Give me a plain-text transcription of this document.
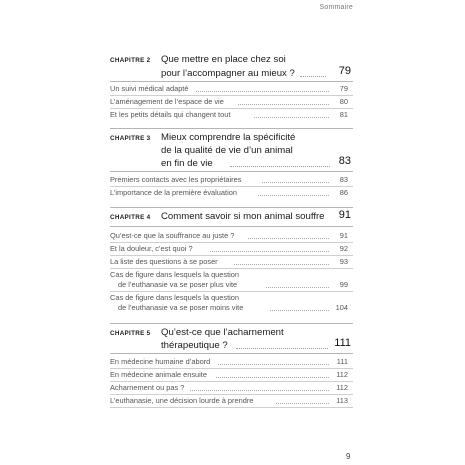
Sommaire
CHAPITRE 2	Que mettre en place chez soi
pour l’accompagner au mieux ?	79
Un suivi médical adapté	79
L’aménagement de l’espace de vie	80
Et les petits détails qui changent tout	81
CHAPITRE 3	Mieux comprendre la spécificité
de la qualité de vie d’un animal
en fin de vie	83
Premiers contacts avec les propriétaires	83
L’importance de la première évaluation	86
CHAPITRE 4	Comment savoir si mon animal souffre 91
Qu’est-ce que la souffrance au juste ?	91
Et la douleur, c’est quoi ?	92
La liste des questions à se poser	93
Cas de figure dans lesquels la question
de l’euthanasie va se poser plus vite	99
Cas de figure dans lesquels la question
de l’euthanasie va se poser moins vite	104
CHAPITRE 5	Qu’est-ce que l’acharnement
thérapeutique ?	111
En médecine humaine d’abord	111
En médecine animale ensuite	112
Acharnement ou pas ?	112
L’euthanasie, une décision lourde à prendre	113
9
